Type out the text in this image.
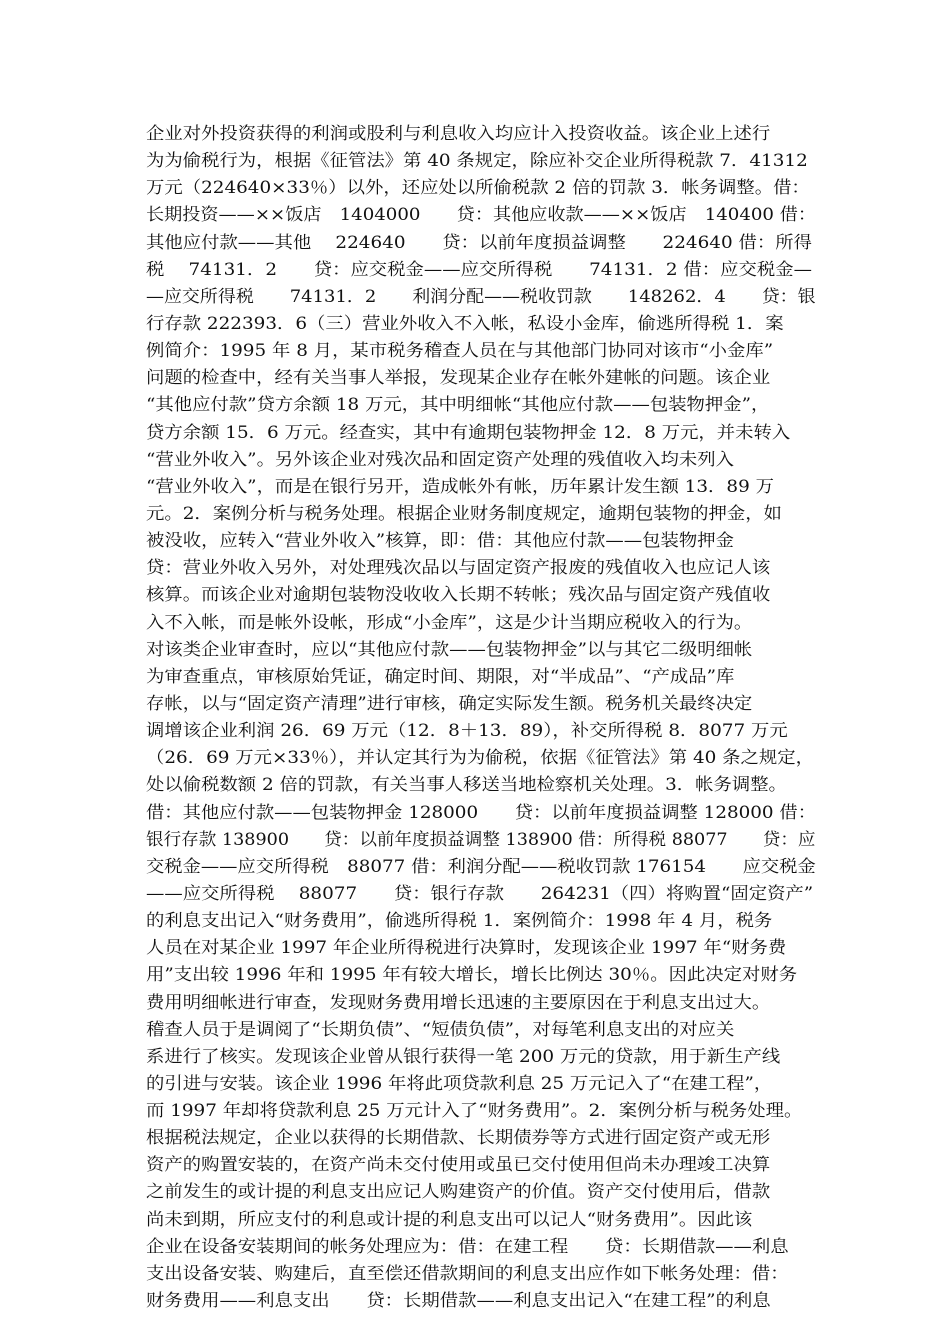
企业对外投资获得的利润或股利与利息收入均应计入投资收益。该企业上述行
为为偷税行为，根据《征管法》第 40 条规定，除应补交企业所得税款 7．41312
万元（224640×33％）以外，还应处以所偷税款 2 倍的罚款 3．帐务调整。借：
长期投资——××饭店　1404000　　贷：其他应收款——××饭店　140400 借：
其他应付款——其他　 224640　　贷：以前年度损益调整　　224640 借：所得
税　 74131．2　　贷：应交税金——应交所得税　　74131．2 借：应交税金—
—应交所得税　　74131．2　　利润分配——税收罚款　　148262．4　　贷：银
行存款 222393．6（三）营业外收入不入帐，私设小金库，偷逃所得税 1．案
例简介：1995 年 8 月，某市税务稽查人员在与其他部门协同对该市“小金库”
问题的检查中，经有关当事人举报，发现某企业存在帐外建帐的问题。该企业
“其他应付款”贷方余额 18 万元，其中明细帐“其他应付款——包装物押金”，
贷方余额 15．6 万元。经查实，其中有逾期包装物押金 12．8 万元，并未转入
“营业外收入”。另外该企业对残次品和固定资产处理的残值收入均未列入
“营业外收入”，而是在银行另开，造成帐外有帐，历年累计发生额 13．89 万
元。2．案例分析与税务处理。根据企业财务制度规定，逾期包装物的押金，如
被没收，应转入“营业外收入”核算，即：借：其他应付款——包装物押金
贷：营业外收入另外，对处理残次品以与固定资产报废的残值收入也应记人该
核算。而该企业对逾期包装物没收收入长期不转帐；残次品与固定资产残值收
入不入帐，而是帐外设帐，形成“小金库”，这是少计当期应税收入的行为。
对该类企业审查时，应以“其他应付款——包装物押金”以与其它二级明细帐
为审查重点，审核原始凭证，确定时间、期限，对“半成品”、“产成品”库
存帐，以与“固定资产清理”进行审核，确定实际发生额。税务机关最终决定
调增该企业利润 26．69 万元（12．8＋13．89），补交所得税 8．8077 万元
（26．69 万元×33％），并认定其行为为偷税，依据《征管法》第 40 条之规定，
处以偷税数额 2 倍的罚款，有关当事人移送当地检察机关处理。3．帐务调整。
借：其他应付款——包装物押金 128000　　贷：以前年度损益调整 128000 借：
银行存款 138900　　贷：以前年度损益调整 138900 借：所得税 88077　　贷：应
交税金——应交所得税　88077 借：利润分配——税收罚款 176154　　应交税金
——应交所得税　 88077　　贷：银行存款　　264231（四）将购置“固定资产”
的利息支出记入“财务费用”，偷逃所得税 1．案例简介：1998 年 4 月，税务
人员在对某企业 1997 年企业所得税进行决算时，发现该企业 1997 年“财务费
用”支出较 1996 年和 1995 年有较大增长，增长比例达 30％。因此决定对财务
费用明细帐进行审查，发现财务费用增长迅速的主要原因在于利息支出过大。
稽查人员于是调阅了“长期负债”、“短债负债”，对每笔利息支出的对应关
系进行了核实。发现该企业曾从银行获得一笔 200 万元的贷款，用于新生产线
的引进与安装。该企业 1996 年将此项贷款利息 25 万元记入了“在建工程”，
而 1997 年却将贷款利息 25 万元计入了“财务费用”。2．案例分析与税务处理。
根据税法规定，企业以获得的长期借款、长期债券等方式进行固定资产或无形
资产的购置安装的，在资产尚未交付使用或虽已交付使用但尚未办理竣工决算
之前发生的或计提的利息支出应记人购建资产的价值。资产交付使用后，借款
尚未到期，所应支付的利息或计提的利息支出可以记人“财务费用”。因此该
企业在设备安装期间的帐务处理应为：借：在建工程　　贷：长期借款——利息
支出设备安装、购建后，直至偿还借款期间的利息支出应作如下帐务处理：借：
财务费用——利息支出　　贷：长期借款——利息支出记入“在建工程”的利息
